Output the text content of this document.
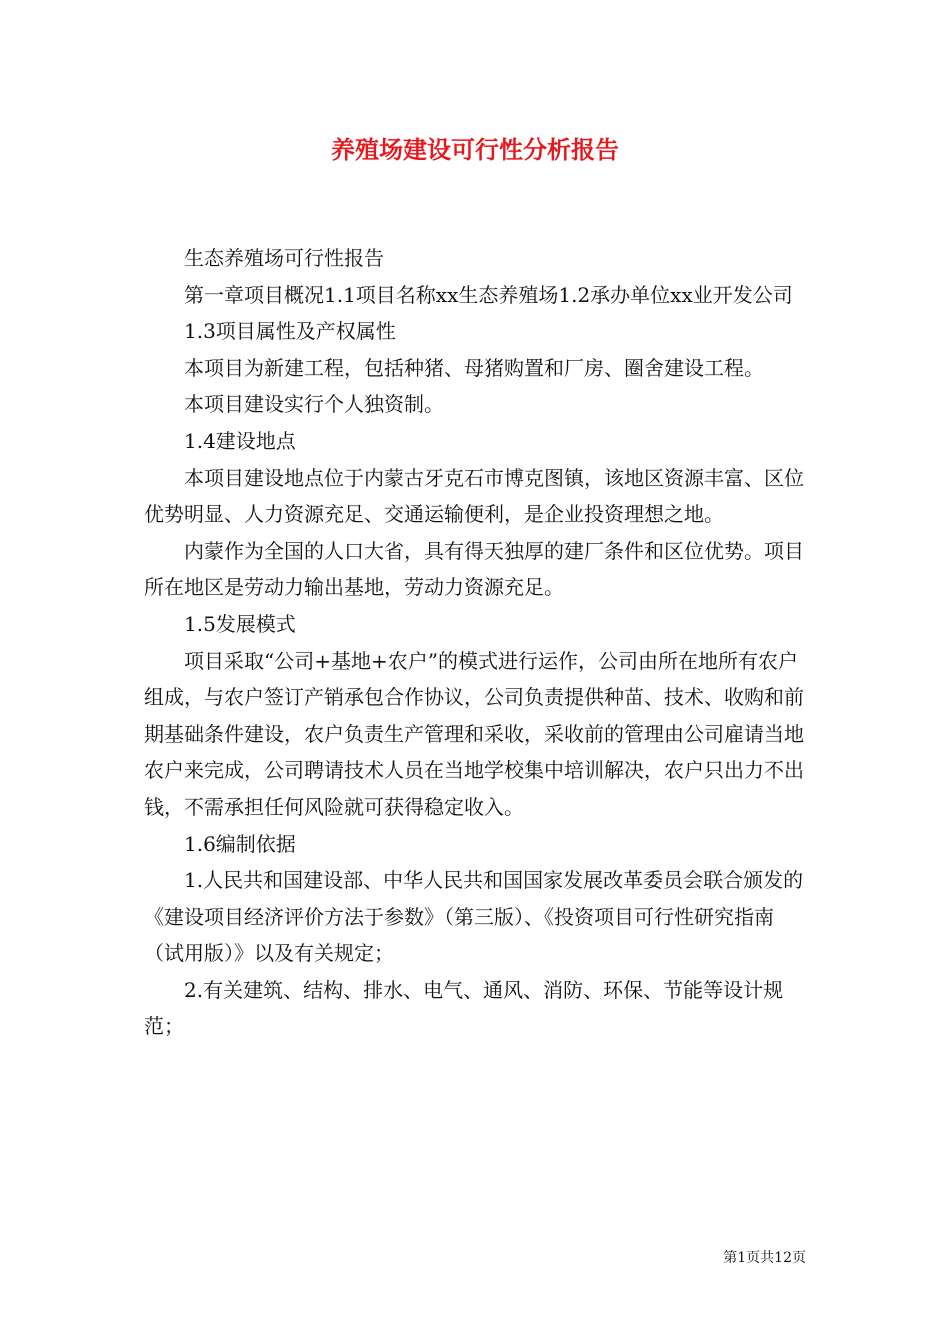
养殖场建设可行性分析报告

生态养殖场可行性报告

第一章项目概况1.1项目名称xx生态养殖场1.2承办单位xx业开发公司

1.3项目属性及产权属性

本项目为新建工程，包括种猪、母猪购置和厂房、圈舍建设工程。

本项目建设实行个人独资制。

1.4建设地点

本项目建设地点位于内蒙古牙克石市博克图镇，该地区资源丰富、区位优势明显、人力资源充足、交通运输便利，是企业投资理想之地。

内蒙作为全国的人口大省，具有得天独厚的建厂条件和区位优势。项目所在地区是劳动力输出基地，劳动力资源充足。

1.5发展模式

项目采取“公司+基地+农户”的模式进行运作，公司由所在地所有农户组成，与农户签订产销承包合作协议，公司负责提供种苗、技术、收购和前期基础条件建设，农户负责生产管理和采收，采收前的管理由公司雇请当地农户来完成，公司聘请技术人员在当地学校集中培训解决，农户只出力不出钱，不需承担任何风险就可获得稳定收入。

1.6编制依据

1.人民共和国建设部、中华人民共和国国家发展改革委员会联合颁发的《建设项目经济评价方法于参数》（第三版）、《投资项目可行性研究指南（试用版）》以及有关规定；

2.有关建筑、结构、排水、电气、通风、消防、环保、节能等设计规范；

第1页共12页
